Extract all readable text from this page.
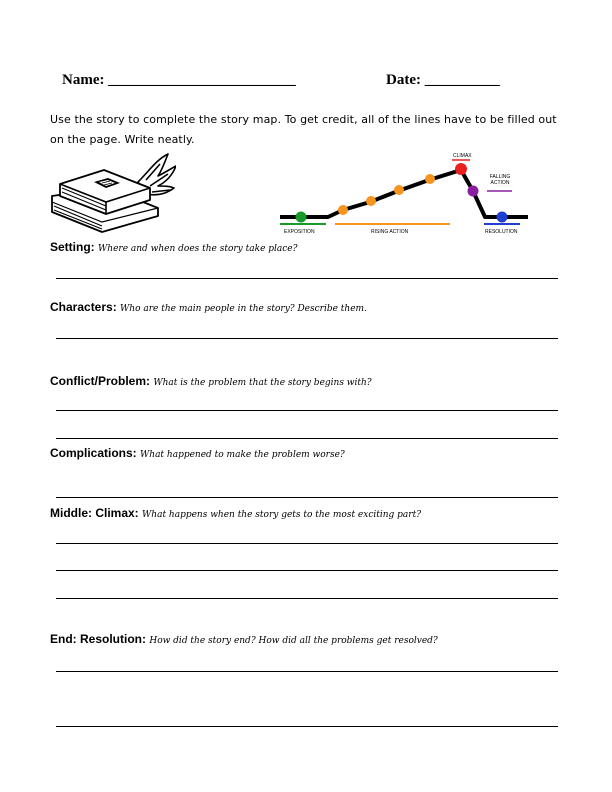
Name: _________________________	Date: __________
Use the story to complete the story map. To get credit, all of the lines have to be filled out on the page. Write neatly.
CLIMAX
FALLING ACTION
EXPOSITION	RISING ACTION	RESOLUTION
Setting: Where and when does the story take place?
Characters: Who are the main people in the story? Describe them.
Conflict/Problem: What is the problem that the story begins with?
Complications: What happened to make the problem worse?
Middle: Climax: What happens when the story gets to the most exciting part?
End: Resolution: How did the story end? How did all the problems get resolved?
